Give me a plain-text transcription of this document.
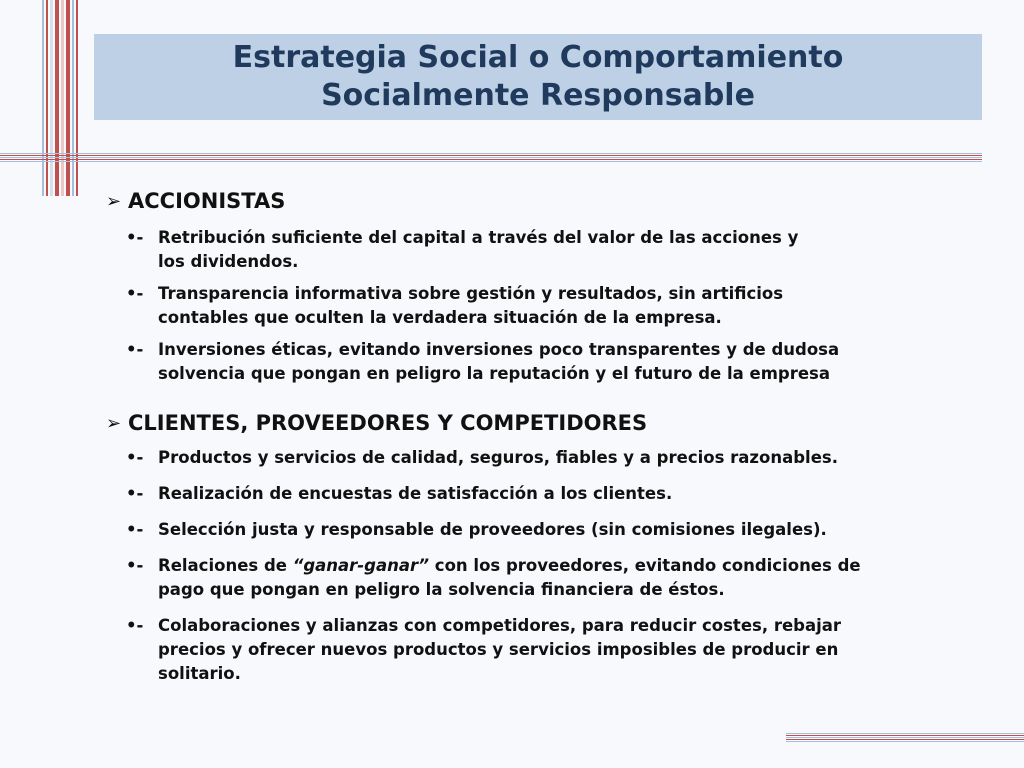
Estrategia Social o Comportamiento
Socialmente Responsable
➢ ACCIONISTAS
•- Retribución suficiente del capital a través del valor de las acciones y
los dividendos.
•- Transparencia informativa sobre gestión y resultados, sin artificios
contables que oculten la verdadera situación de la empresa.
•- Inversiones éticas, evitando inversiones poco transparentes y de dudosa
solvencia que pongan en peligro la reputación y el futuro de la empresa
➢ CLIENTES, PROVEEDORES Y COMPETIDORES
•- Productos y servicios de calidad, seguros, fiables y a precios razonables.
•- Realización de encuestas de satisfacción a los clientes.
•- Selección justa y responsable de proveedores (sin comisiones ilegales).
•- Relaciones de “ganar-ganar” con los proveedores, evitando condiciones de
pago que pongan en peligro la solvencia financiera de éstos.
•- Colaboraciones y alianzas con competidores, para reducir costes, rebajar
precios y ofrecer nuevos productos y servicios imposibles de producir en
solitario.
